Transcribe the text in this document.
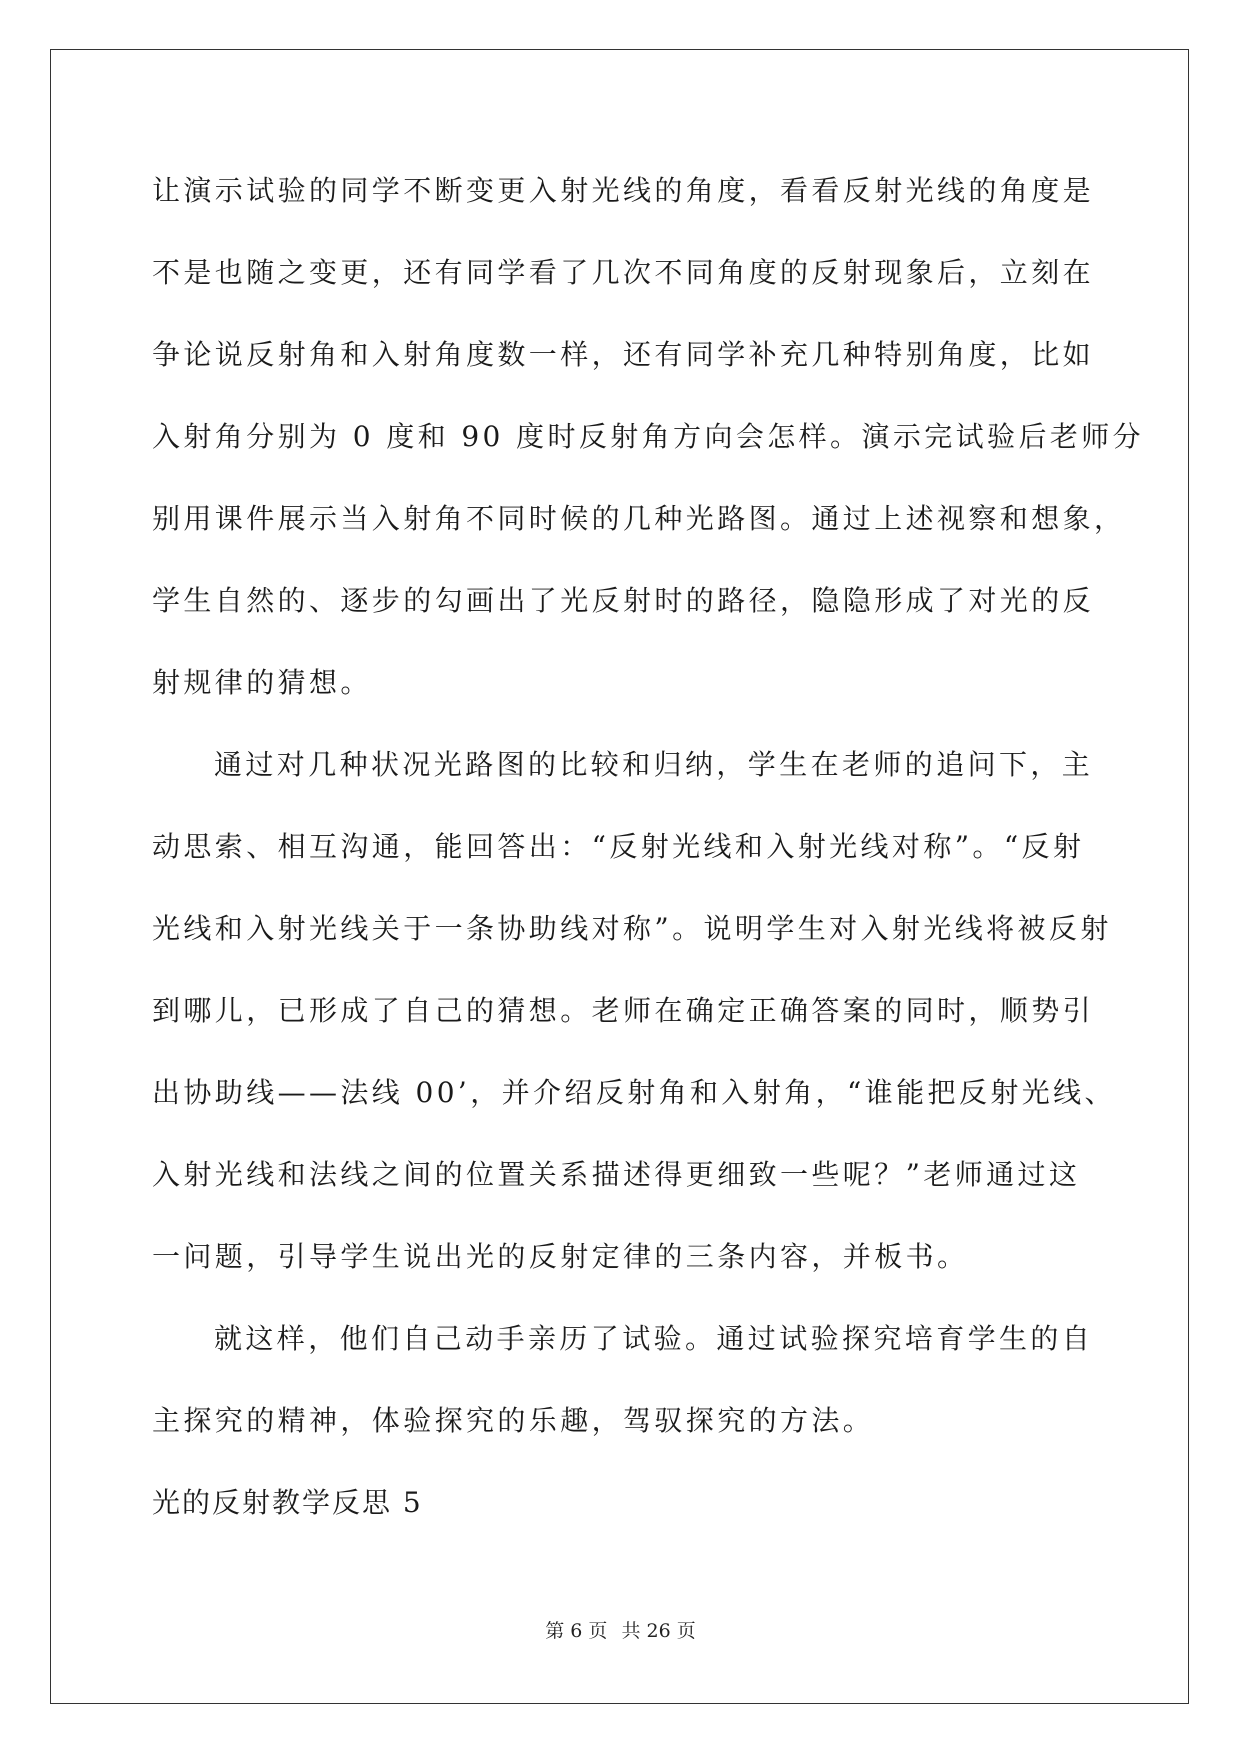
让演示试验的同学不断变更入射光线的角度，看看反射光线的角度是
不是也随之变更，还有同学看了几次不同角度的反射现象后，立刻在
争论说反射角和入射角度数一样，还有同学补充几种特别角度，比如
入射角分别为 0 度和 90 度时反射角方向会怎样。演示完试验后老师分
别用课件展示当入射角不同时候的几种光路图。通过上述视察和想象，
学生自然的、逐步的勾画出了光反射时的路径，隐隐形成了对光的反
射规律的猜想。
通过对几种状况光路图的比较和归纳，学生在老师的追问下，主
动思索、相互沟通，能回答出：“反射光线和入射光线对称”。“反射
光线和入射光线关于一条协助线对称”。说明学生对入射光线将被反射
到哪儿，已形成了自己的猜想。老师在确定正确答案的同时，顺势引
出协助线——法线 00’，并介绍反射角和入射角，“谁能把反射光线、
入射光线和法线之间的位置关系描述得更细致一些呢？”老师通过这
一问题，引导学生说出光的反射定律的三条内容，并板书。
就这样，他们自己动手亲历了试验。通过试验探究培育学生的自
主探究的精神，体验探究的乐趣，驾驭探究的方法。
光的反射教学反思 5
第 6 页 共 26 页
